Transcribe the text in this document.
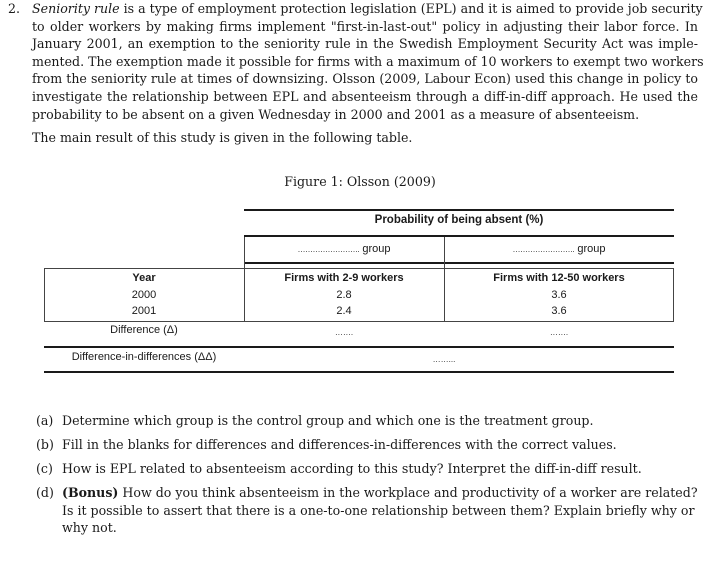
2. Seniority rule is a type of employment protection legislation (EPL) and it is aimed to provide job security
to older workers by making firms implement "first-in-last-out" policy in adjusting their labor force. In
January 2001, an exemption to the seniority rule in the Swedish Employment Security Act was imple-
mented. The exemption made it possible for firms with a maximum of 10 workers to exempt two workers
from the seniority rule at times of downsizing. Olsson (2009, Labour Econ) used this change in policy to
investigate the relationship between EPL and absenteeism through a diff-in-diff approach. He used the
probability to be absent on a given Wednesday in 2000 and 2001 as a measure of absenteeism.
The main result of this study is given in the following table.
Figure 1: Olsson (2009)
Probability of being absent (%)
……………………. group	……………………. group
Year	Firms with 2-9 workers	Firms with 12-50 workers
2000	2.8	3.6
2001	2.4	3.6
Difference (Δ)	…….	…….
Difference-in-differences (ΔΔ)	……...
(a) Determine which group is the control group and which one is the treatment group.
(b) Fill in the blanks for differences and differences-in-differences with the correct values.
(c) How is EPL related to absenteeism according to this study? Interpret the diff-in-diff result.
(d) (Bonus) How do you think absenteeism in the workplace and productivity of a worker are related?
Is it possible to assert that there is a one-to-one relationship between them? Explain briefly why or
why not.
